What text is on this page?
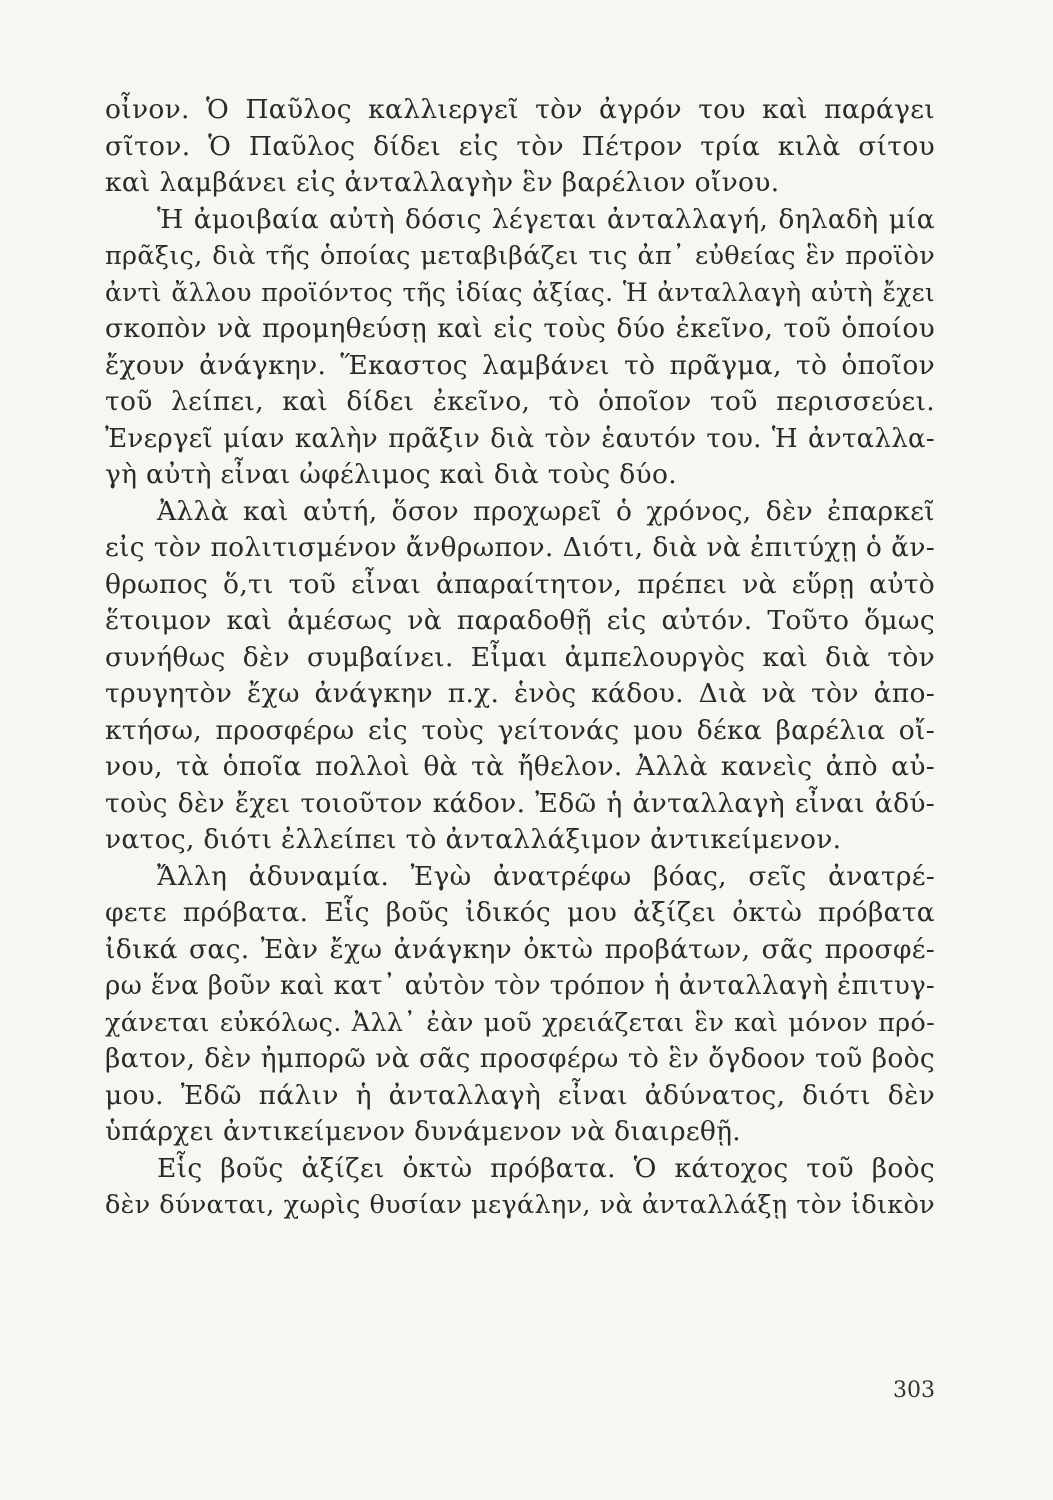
οἶνον. Ὁ Παῦλος καλλιεργεῖ τὸν ἀγρόν του καὶ παράγει
σῖτον. Ὁ Παῦλος δίδει εἰς τὸν Πέτρον τρία κιλὰ σίτου
καὶ λαμβάνει εἰς ἀνταλλαγὴν ἓν βαρέλιον οἴνου.
Ἡ ἀμοιβαία αὐτὴ δόσις λέγεται ἀνταλλαγή, δηλαδὴ μία
πρᾶξις, διὰ τῆς ὁποίας μεταβιβάζει τις ἀπ᾽ εὐθείας ἓν προϊὸν
ἀντὶ ἄλλου προϊόντος τῆς ἰδίας ἀξίας. Ἡ ἀνταλλαγὴ αὐτὴ ἔχει
σκοπὸν νὰ προμηθεύσῃ καὶ εἰς τοὺς δύο ἐκεῖνο, τοῦ ὁποίου
ἔχουν ἀνάγκην. Ἕκαστος λαμβάνει τὸ πρᾶγμα, τὸ ὁποῖον
τοῦ λείπει, καὶ δίδει ἐκεῖνο, τὸ ὁποῖον τοῦ περισσεύει.
Ἐνεργεῖ μίαν καλὴν πρᾶξιν διὰ τὸν ἑαυτόν του. Ἡ ἀνταλλα-
γὴ αὐτὴ εἶναι ὠφέλιμος καὶ διὰ τοὺς δύο.
Ἀλλὰ καὶ αὐτή, ὅσον προχωρεῖ ὁ χρόνος, δὲν ἐπαρκεῖ
εἰς τὸν πολιτισμένον ἄνθρωπον. Διότι, διὰ νὰ ἐπιτύχῃ ὁ ἄν-
θρωπος ὅ,τι τοῦ εἶναι ἀπαραίτητον, πρέπει νὰ εὕρῃ αὐτὸ
ἕτοιμον καὶ ἀμέσως νὰ παραδοθῇ εἰς αὐτόν. Τοῦτο ὅμως
συνήθως δὲν συμβαίνει. Εἶμαι ἀμπελουργὸς καὶ διὰ τὸν
τρυγητὸν ἔχω ἀνάγκην π.χ. ἑνὸς κάδου. Διὰ νὰ τὸν ἀπο-
κτήσω, προσφέρω εἰς τοὺς γείτονάς μου δέκα βαρέλια οἴ-
νου, τὰ ὁποῖα πολλοὶ θὰ τὰ ἤθελον. Ἀλλὰ κανεὶς ἀπὸ αὐ-
τοὺς δὲν ἔχει τοιοῦτον κάδον. Ἐδῶ ἡ ἀνταλλαγὴ εἶναι ἀδύ-
νατος, διότι ἐλλείπει τὸ ἀνταλλάξιμον ἀντικείμενον.
Ἄλλη ἀδυναμία. Ἐγὼ ἀνατρέφω βόας, σεῖς ἀνατρέ-
φετε πρόβατα. Εἷς βοῦς ἰδικός μου ἀξίζει ὀκτὼ πρόβατα
ἰδικά σας. Ἐὰν ἔχω ἀνάγκην ὀκτὼ προβάτων, σᾶς προσφέ-
ρω ἕνα βοῦν καὶ κατ᾽ αὐτὸν τὸν τρόπον ἡ ἀνταλλαγὴ ἐπιτυγ-
χάνεται εὐκόλως. Ἀλλ᾽ ἐὰν μοῦ χρειάζεται ἓν καὶ μόνον πρό-
βατον, δὲν ἠμπορῶ νὰ σᾶς προσφέρω τὸ ἓν ὄγδοον τοῦ βοὸς
μου. Ἐδῶ πάλιν ἡ ἀνταλλαγὴ εἶναι ἀδύνατος, διότι δὲν
ὑπάρχει ἀντικείμενον δυνάμενον νὰ διαιρεθῇ.
Εἷς βοῦς ἀξίζει ὀκτὼ πρόβατα. Ὁ κάτοχος τοῦ βοὸς
δὲν δύναται, χωρὶς θυσίαν μεγάλην, νὰ ἀνταλλάξῃ τὸν ἰδικὸν
303
